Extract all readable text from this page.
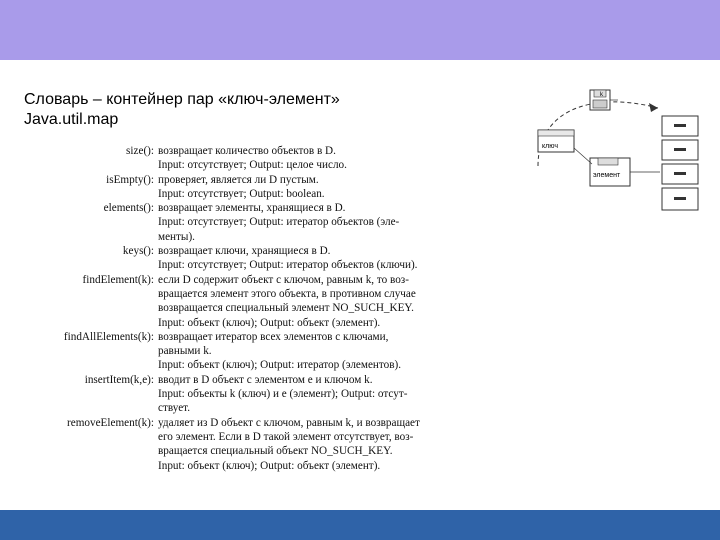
Словарь – контейнер пар «ключ-элемент»
Java.util.map
size(): возвращает количество объектов в D.
Input: отсутствует; Output: целое число.
isEmpty(): проверяет, является ли D пустым.
Input: отсутствует; Output: boolean.
elements(): возвращает элементы, хранящиеся в D.
Input: отсутствует; Output: итератор объектов (эле-
менты).
keys(): возвращает ключи, хранящиеся в D.
Input: отсутствует; Output: итератор объектов (ключи).
findElement(k): если D содержит объект с ключом, равным k, то воз-
вращается элемент этого объекта, в противном случае
возвращается специальный элемент NO_SUCH_KEY.
Input: объект (ключ); Output: объект (элемент).
findAllElements(k): возвращает итератор всех элементов с ключами,
равными k.
Input: объект (ключ); Output: итератор (элементов).
insertItem(k,e): вводит в D объект с элементом e и ключом k.
Input: объекты k (ключ) и e (элемент); Output: отсут-
ствует.
removeElement(k): удаляет из D объект с ключом, равным k, и возвращает
его элемент. Если в D такой элемент отсутствует, воз-
вращается специальный объект NO_SUCH_KEY.
Input: объект (ключ); Output: объект (элемент).
k
ключ
элемент
